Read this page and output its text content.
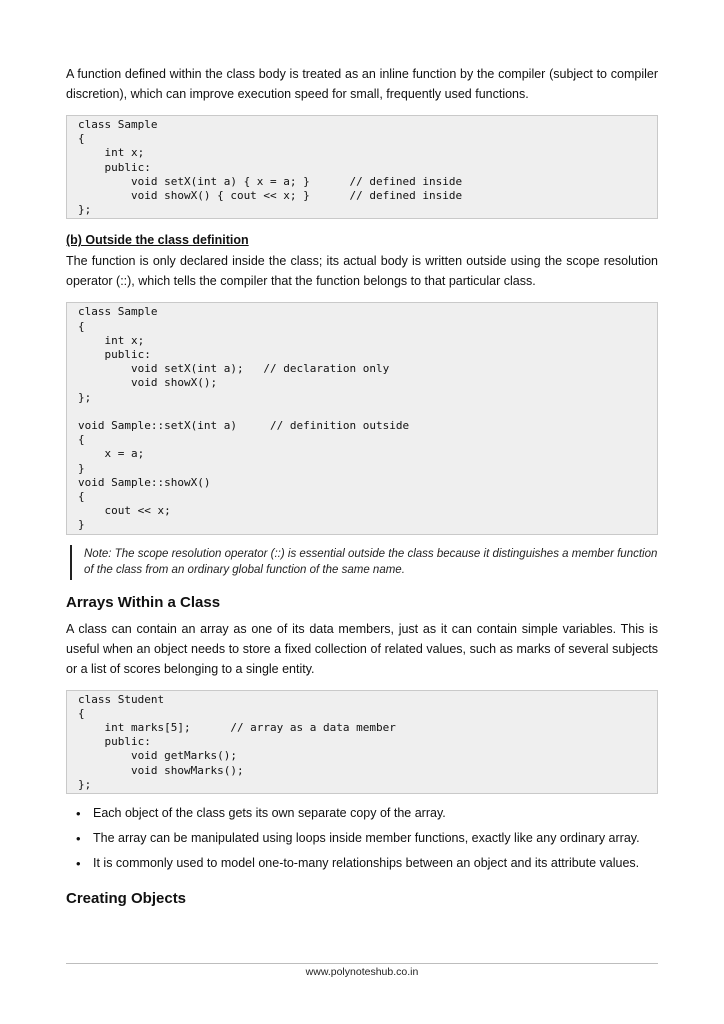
A function defined within the class body is treated as an inline function by the compiler (subject to compiler discretion), which can improve execution speed for small, frequently used functions.

class Sample
{
int x;
public:
void setX(int a) { x = a; }      // defined inside
void showX() { cout << x; }      // defined inside
};
(b) Outside the class definition

The function is only declared inside the class; its actual body is written outside using the scope resolution operator (::), which tells the compiler that the function belongs to that particular class.

class Sample
{
int x;
public:
void setX(int a);   // declaration only
void showX();
};

void Sample::setX(int a)     // definition outside
{
x = a;
}
void Sample::showX()
{
cout << x;
}
Note: The scope resolution operator (::) is essential outside the class because it distinguishes a member function of the class from an ordinary global function of the same name.
Arrays Within a Class

A class can contain an array as one of its data members, just as it can contain simple variables. This is useful when an object needs to store a fixed collection of related values, such as marks of several subjects or a list of scores belonging to a single entity.

class Student
{
int marks[5];      // array as a data member
public:
void getMarks();
void showMarks();
};
• Each object of the class gets its own separate copy of the array.
• The array can be manipulated using loops inside member functions, exactly like any ordinary array.
• It is commonly used to model one-to-many relationships between an object and its attribute values.
Creating Objects
www.polynoteshub.co.in
